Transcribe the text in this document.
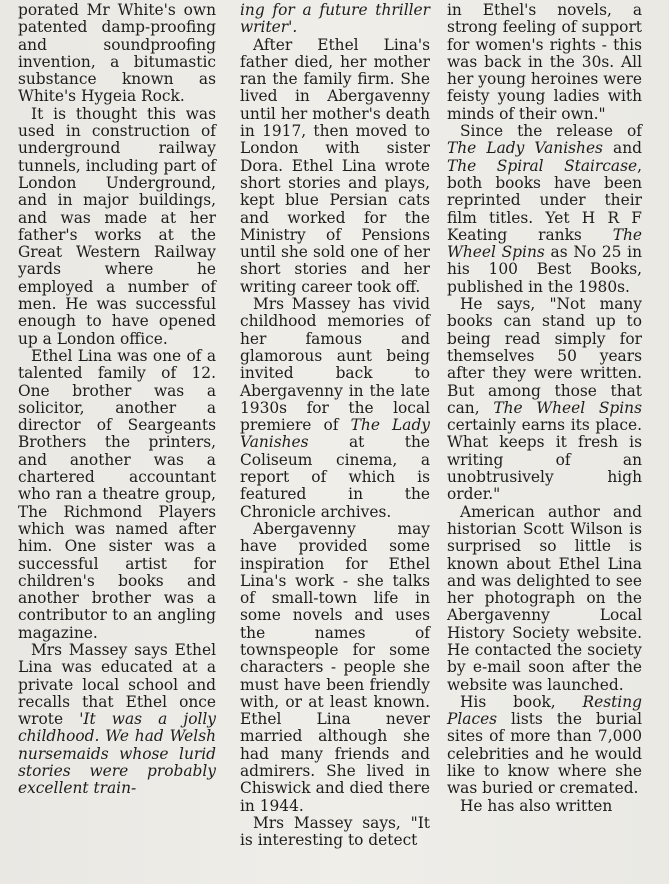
porated Mr White's own patented damp-proofing and soundproofing invention, a bitumastic substance known as White's Hygeia Rock.

It is thought this was used in construction of underground railway tunnels, including part of London Underground, and in major buildings, and was made at her father's works at the Great Western Railway yards where he employed a number of men. He was successful enough to have opened up a London office.

Ethel Lina was one of a talented family of 12. One brother was a solicitor, another a director of Seargeants Brothers the printers, and another was a chartered accountant who ran a theatre group, The Richmond Players which was named after him. One sister was a successful artist for children's books and another brother was a contributor to an angling magazine.

Mrs Massey says Ethel Lina was educated at a private local school and recalls that Ethel once wrote 'It was a jolly childhood. We had Welsh nursemaids whose lurid stories were probably excellent train-

ing for a future thriller writer'.

After Ethel Lina's father died, her mother ran the family firm. She lived in Abergavenny until her mother's death in 1917, then moved to London with sister Dora. Ethel Lina wrote short stories and plays, kept blue Persian cats and worked for the Ministry of Pensions until she sold one of her short stories and her writing career took off.

Mrs Massey has vivid childhood memories of her famous and glamorous aunt being invited back to Abergavenny in the late 1930s for the local premiere of The Lady Vanishes at the Coliseum cinema, a report of which is featured in the Chronicle archives.

Abergavenny may have provided some inspiration for Ethel Lina's work - she talks of small-town life in some novels and uses the names of townspeople for some characters - people she must have been friendly with, or at least known. Ethel Lina never married although she had many friends and admirers. She lived in Chiswick and died there in 1944.

Mrs Massey says, "It is interesting to detect

in Ethel's novels, a strong feeling of support for women's rights - this was back in the 30s. All her young heroines were feisty young ladies with minds of their own."

Since the release of The Lady Vanishes and The Spiral Staircase, both books have been reprinted under their film titles. Yet H R F Keating ranks The Wheel Spins as No 25 in his 100 Best Books, published in the 1980s.

He says, "Not many books can stand up to being read simply for themselves 50 years after they were written. But among those that can, The Wheel Spins certainly earns its place. What keeps it fresh is writing of an unobtrusively high order."

American author and historian Scott Wilson is surprised so little is known about Ethel Lina and was delighted to see her photograph on the Abergavenny Local History Society website. He contacted the society by e-mail soon after the website was launched.

His book, Resting Places lists the burial sites of more than 7,000 celebrities and he would like to know where she was buried or cremated.

He has also written
